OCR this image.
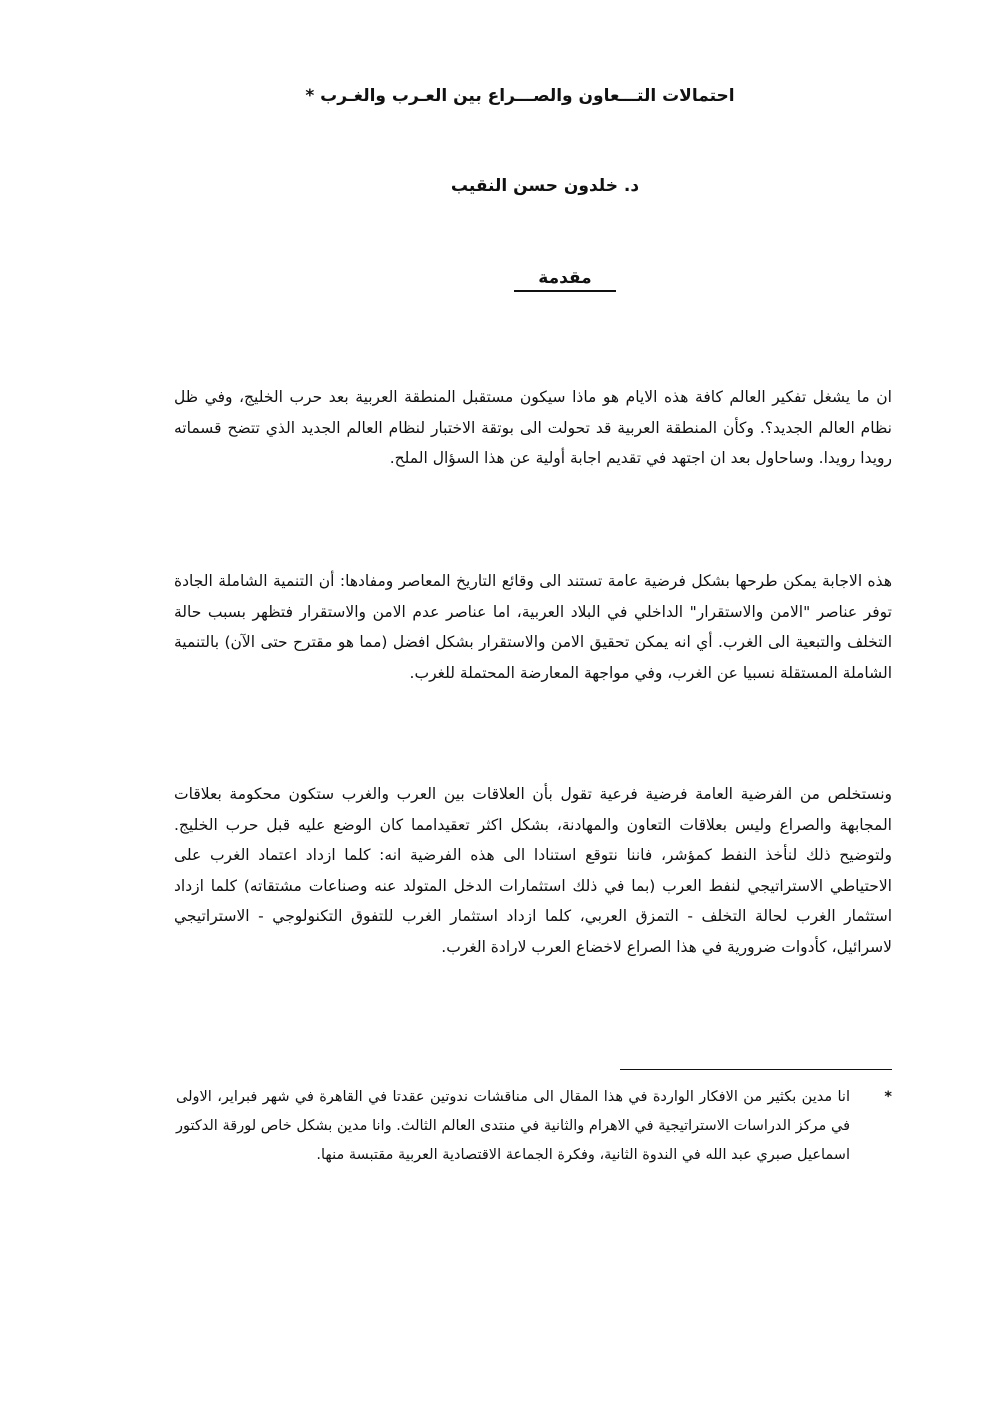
احتمالات التـــعاون والصـــراع بين العـرب والغـرب *
د. خلدون حسن النقيب
مقدمة

ان ما يشغل تفكير العالم كافة هذه الايام هو ماذا سيكون مستقبل المنطقة العربية بعد حرب الخليج، وفي ظل نظام العالم الجديد؟. وكأن المنطقة العربية قد تحولت الى بوتقة الاختبار لنظام العالم الجديد الذي تتضح قسماته رويدا رويدا. وساحاول بعد ان اجتهد في تقديم اجابة أولية عن هذا السؤال الملح.

هذه الاجابة يمكن طرحها بشكل فرضية عامة تستند الى وقائع التاريخ المعاصر ومفادها: أن التنمية الشاملة الجادة توفر عناصر "الامن والاستقرار" الداخلي في البلاد العربية، اما عناصر عدم الامن والاستقرار فتظهر بسبب حالة التخلف والتبعية الى الغرب. أي انه يمكن تحقيق الامن والاستقرار بشكل افضل (مما هو مقترح حتى الآن) بالتنمية الشاملة المستقلة نسبيا عن الغرب، وفي مواجهة المعارضة المحتملة للغرب.

ونستخلص من الفرضية العامة فرضية فرعية تقول بأن العلاقات بين العرب والغرب ستكون محكومة بعلاقات المجابهة والصراع وليس بعلاقات التعاون والمهادنة، بشكل اكثر تعقيدامما كان الوضع عليه قبل حرب الخليج. ولتوضيح ذلك لنأخذ النفط كمؤشر، فاننا نتوقع استنادا الى هذه الفرضية انه: كلما ازداد اعتماد الغرب على الاحتياطي الاستراتيجي لنفط العرب (بما في ذلك استثمارات الدخل المتولد عنه وصناعات مشتقاته) كلما ازداد استثمار الغرب لحالة التخلف - التمزق العربي، كلما ازداد استثمار الغرب للتفوق التكنولوجي - الاستراتيجي لاسرائيل، كأدوات ضرورية في هذا الصراع لاخضاع العرب لارادة الغرب.

*

انا مدين بكثير من الافكار الواردة في هذا المقال الى مناقشات ندوتين عقدتا في القاهرة في شهر فبراير، الاولى في مركز الدراسات الاستراتيجية في الاهرام والثانية في منتدى العالم الثالث. وانا مدين بشكل خاص لورقة الدكتور اسماعيل صبري عبد الله في الندوة الثانية، وفكرة الجماعة الاقتصادية العربية مقتبسة منها.
